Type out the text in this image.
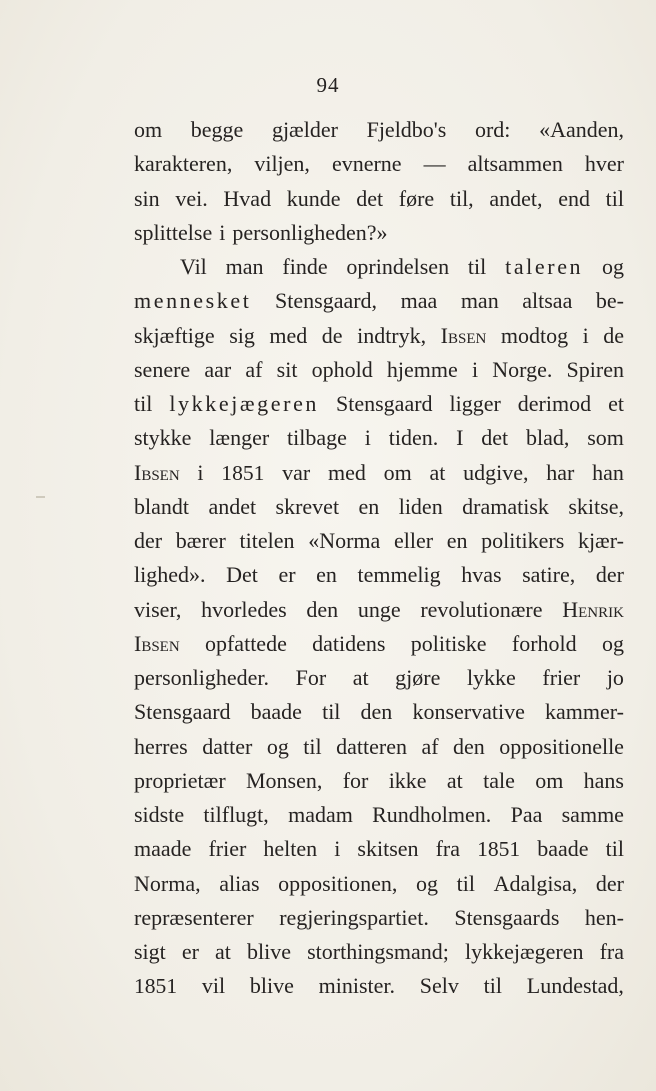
94
om begge gjælder Fjeldbo's ord: «Aanden,
karakteren, viljen, evnerne — altsammen hver
sin vei. Hvad kunde det føre til, andet, end til
splittelse i personligheden?»
Vil man finde oprindelsen til taleren og
mennesket Stensgaard, maa man altsaa be-
skjæftige sig med de indtryk, Ibsen modtog i de
senere aar af sit ophold hjemme i Norge. Spiren
til lykkejægeren Stensgaard ligger derimod et
stykke længer tilbage i tiden. I det blad, som
Ibsen i 1851 var med om at udgive, har han
blandt andet skrevet en liden dramatisk skitse,
der bærer titelen «Norma eller en politikers kjær-
lighed». Det er en temmelig hvas satire, der
viser, hvorledes den unge revolutionære Henrik
Ibsen opfattede datidens politiske forhold og
personligheder. For at gjøre lykke frier jo
Stensgaard baade til den konservative kammer-
herres datter og til datteren af den oppositionelle
proprietær Monsen, for ikke at tale om hans
sidste tilflugt, madam Rundholmen. Paa samme
maade frier helten i skitsen fra 1851 baade til
Norma, alias oppositionen, og til Adalgisa, der
repræsenterer regjeringspartiet. Stensgaards hen-
sigt er at blive storthingsmand; lykkejægeren fra
1851 vil blive minister. Selv til Lundestad,
